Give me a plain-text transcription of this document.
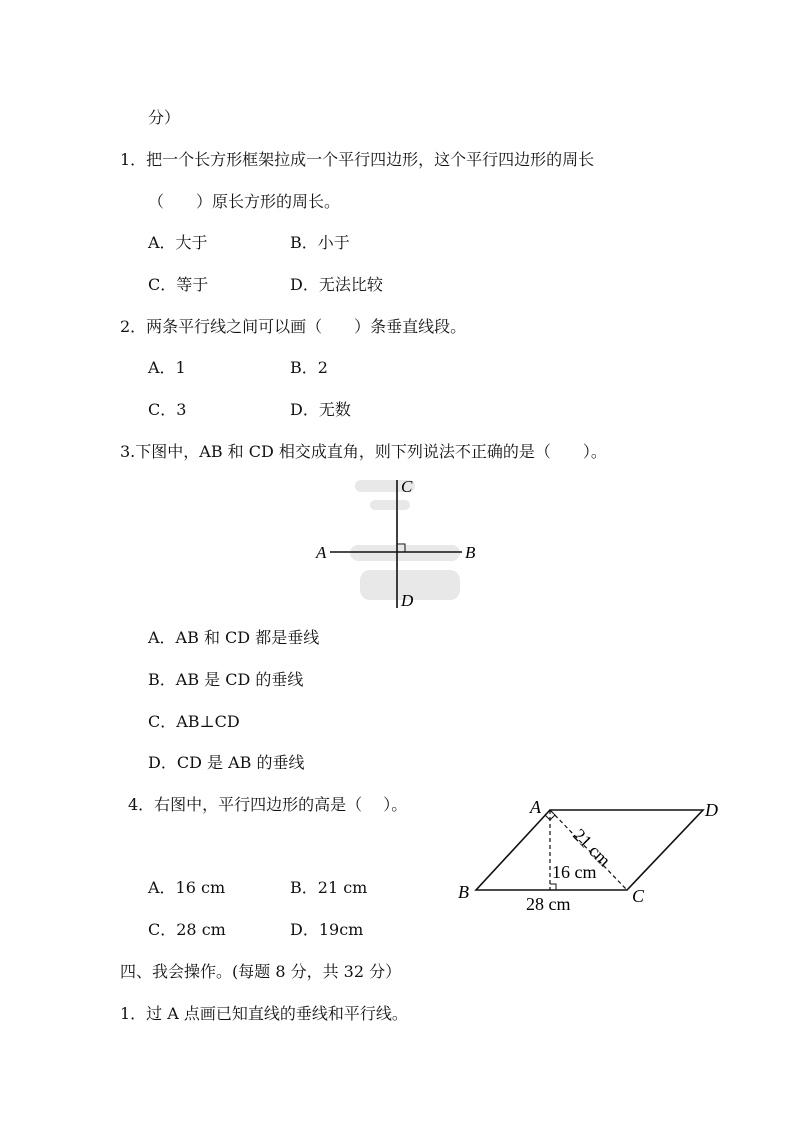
分）
1．把一个长方形框架拉成一个平行四边形，这个平行四边形的周长
（　　）原长方形的周长。
A．大于	B．小于
C．等于	D．无法比较
2．两条平行线之间可以画（　　）条垂直线段。
A．1	B．2
C．3	D．无数
3.下图中，AB 和 CD 相交成直角，则下列说法不正确的是（　　）。
A	B
C
D
A．AB 和 CD 都是垂线
B．AB 是 CD 的垂线
C．AB⊥CD
D．CD 是 AB 的垂线
4．右图中，平行四边形的高是（　 ）。
A．16 cm	B．21 cm
C．28 cm	D．19cm
A	D
B	C
21 cm
16 cm
28 cm
四、我会操作。(每题 8 分，共 32 分）
1．过 A 点画已知直线的垂线和平行线。
